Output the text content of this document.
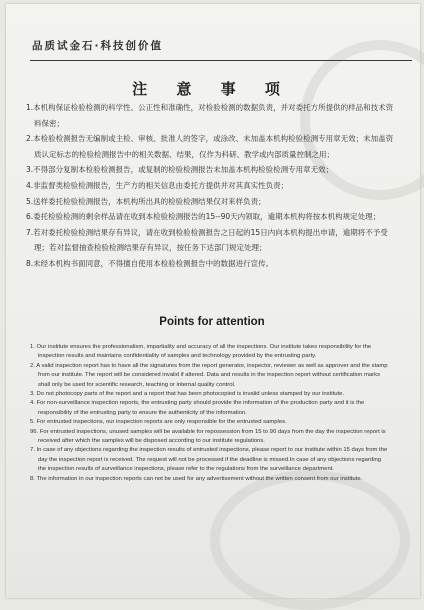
品质试金石·科技创价值
注 意 事 项
1.本机构保证检验检测的科学性、公正性和准确性，对检验检测的数据负责，并对委托方所提供的样品和技术资料保密；
2.本检验检测报告无编制或主检、审核、批准人的签字，或涂改、未加盖本机构检验检测专用章无效；未加盖资质认定标志的检验检测报告中的相关数据、结果，仅作为科研、教学或内部质量控制之用；
3.不得部分复制本检验检测报告，或复制的检验检测报告未加盖本机构检验检测专用章无效；
4.非监督类检验检测报告，生产方的相关信息由委托方提供并对其真实性负责；
5.送样委托检验检测报告，本机构所出具的检验检测结果仅对来样负责；
6.委托检验检测的剩余样品请在收到本检验检测报告的15--90天内领取，逾期本机构将按本机构规定处理；
7.若对委托检验检测结果存有异议，请在收到检验检测报告之日起的15日内向本机构提出申请，逾期将不予受理；若对监督抽查检验检测结果存有异议，按任务下达部门规定处理；
8.未经本机构书面同意，不得擅自使用本检验检测报告中的数据进行宣传。
Points for attention
1. Our institute ensures the professionalism, impartiality and accuracy of all the inspections. Our institute takes responsibility for the inspection results and maintains confidentiality of samples and technology provided by the entrusting party.
2. A valid inspection report has to have all the signatures from the report generator, inspector, reviewer as well as approver and the stamp from our institute. The report will be considered invalid if altered. Data and results in the inspection report without certification marks shall only be used for scientific research, teaching or internal quality control.
3. Do not photocopy parts of the report and a report that has been photocopied is invalid unless stamped by our institute.
4. For non-surveillance inspection reports, the entrusting party should provide the information of the production party and it is the responsibility of the entrusting party to ensure the authenticity of the information.
5. For entrusted inspections, our inspection reports are only responsible for the entrusted samples.
96. For entrusted inspections, unused samples will be available for repossession from 15 to 90 days from the day the inspection report is received after which the samples will be disposed according to our institute regulations.
7. In case of any objections regarding the inspection results of entrusted inspections, please report to our institute within 15 days from the day the inspection report is received. The request will not be processed if the deadline is missed.In case of any objections regarding the inspection results of surveillance inspections, please refer to the regulations from the surveillance department.
8. The information in our inspection reports can not be used for any advertisement without the written consent from our institute.
